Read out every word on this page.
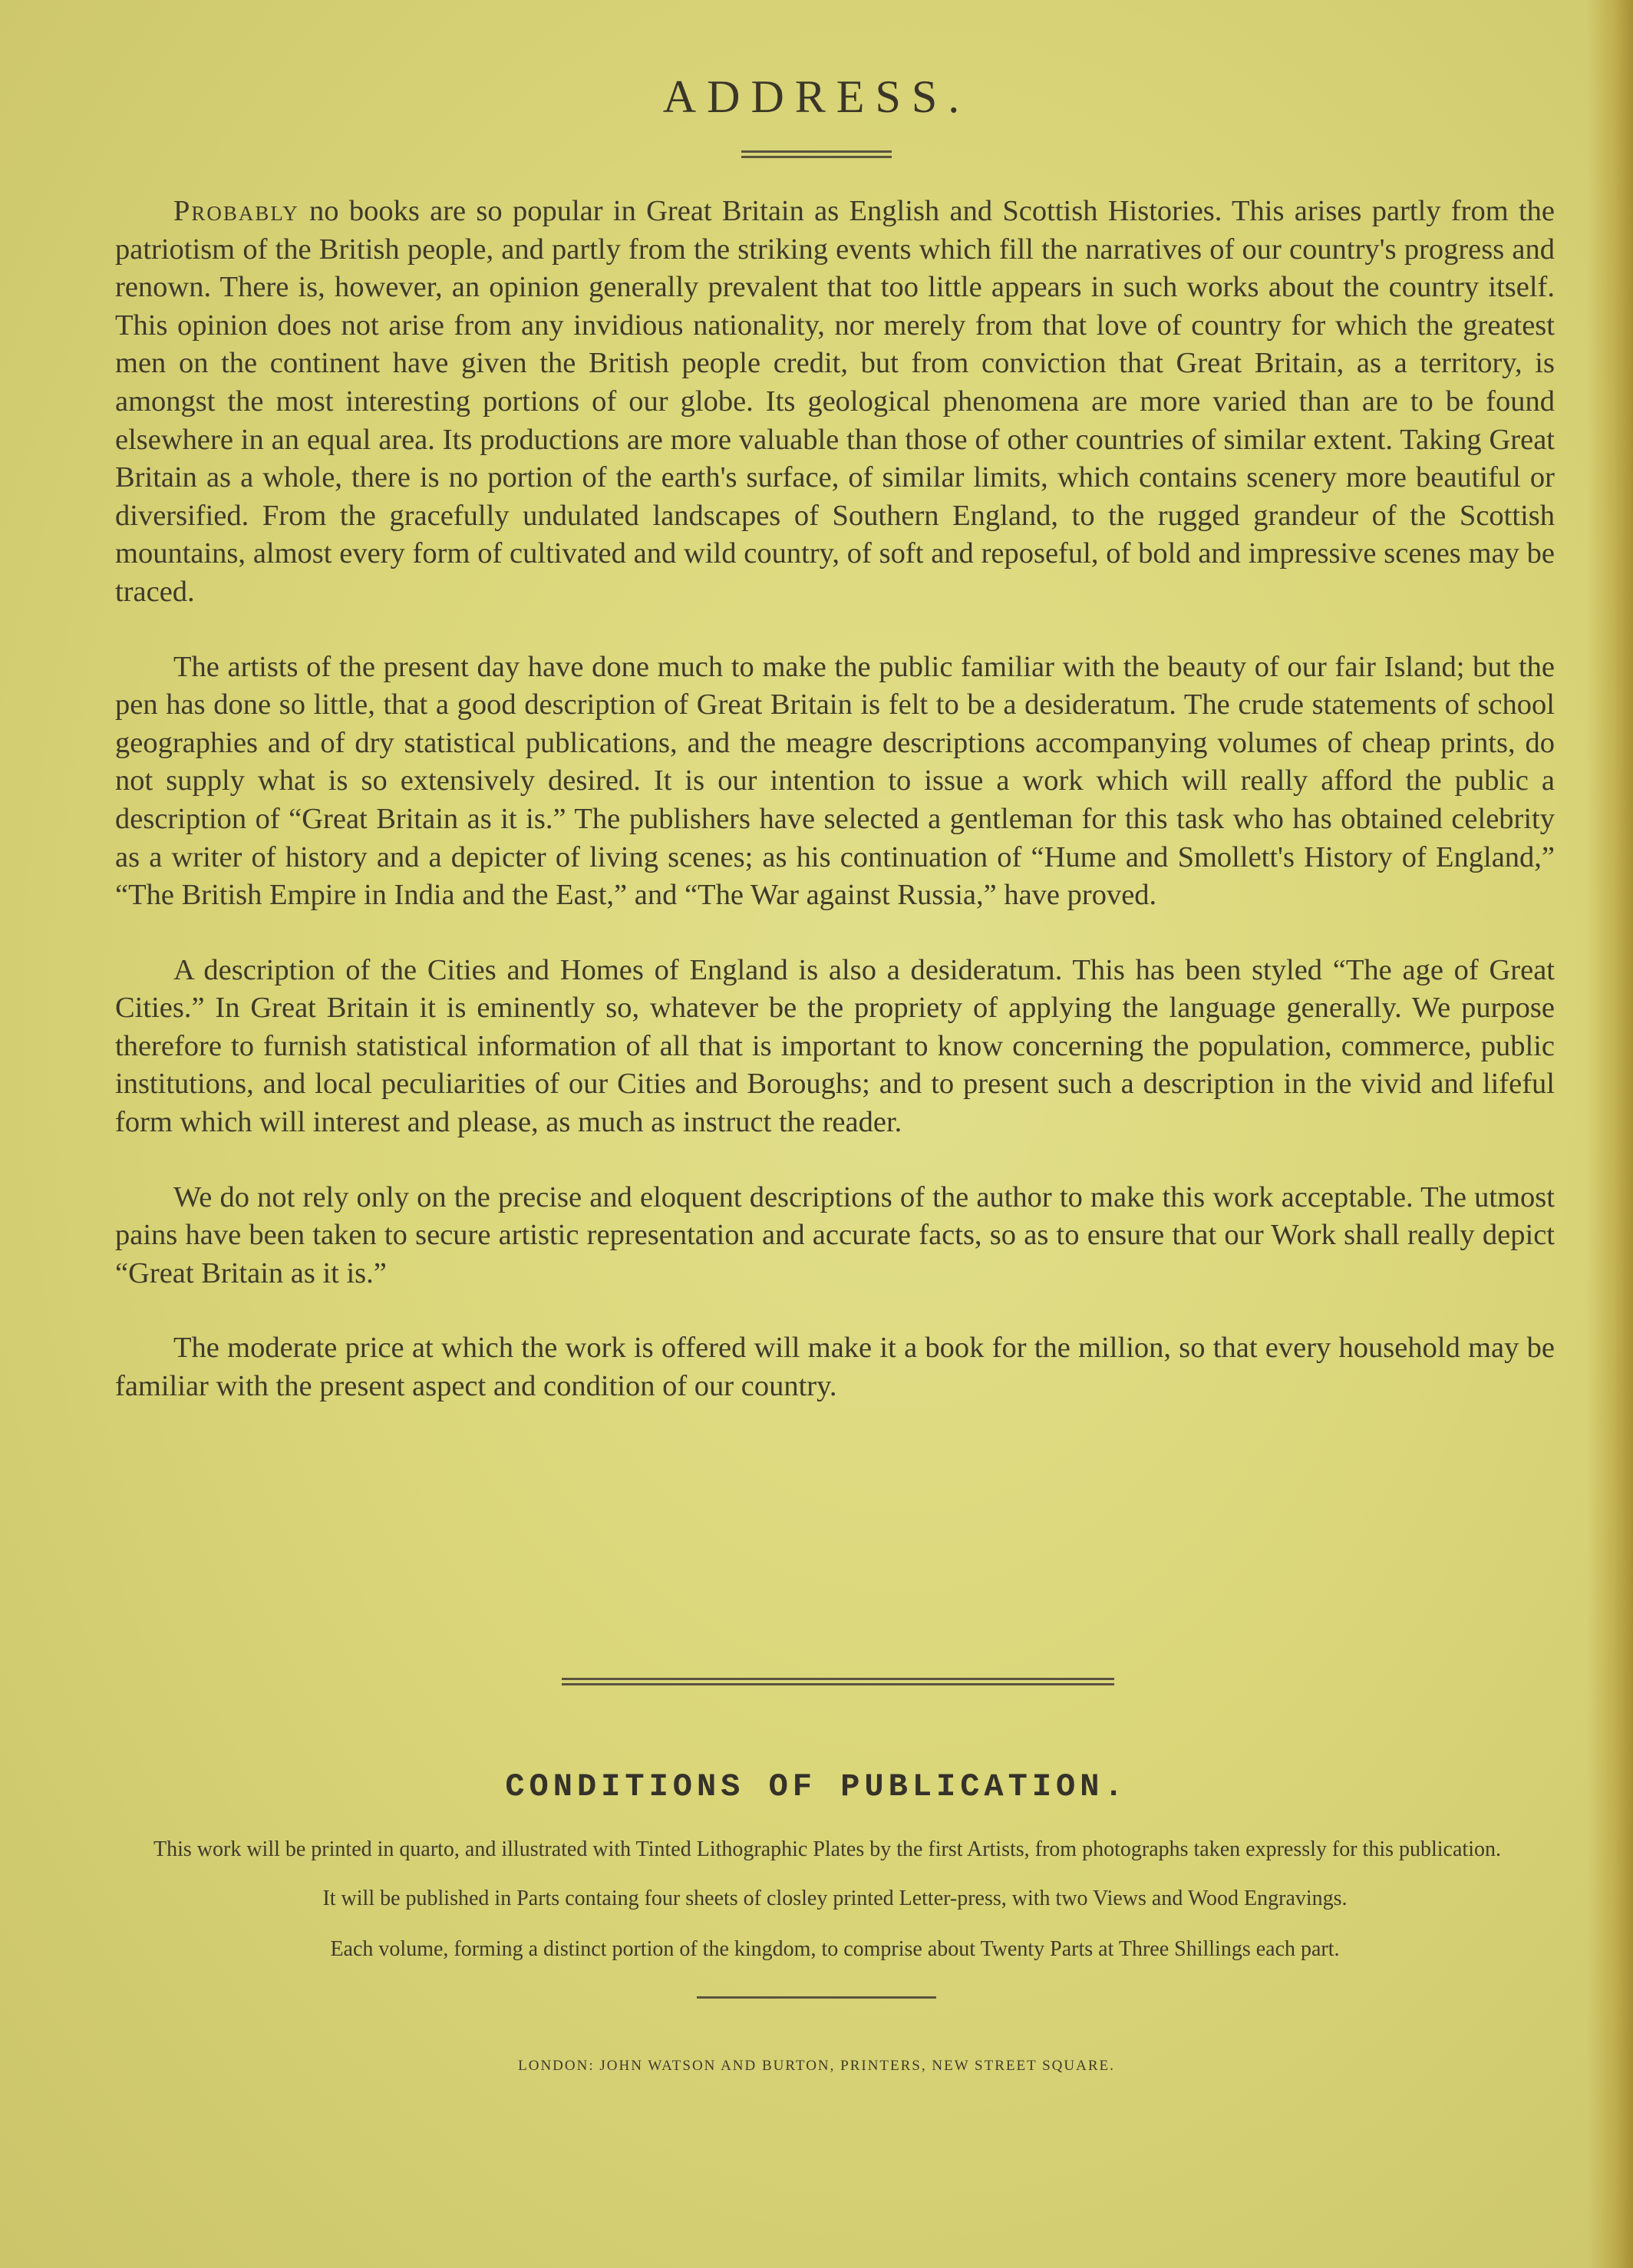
ADDRESS.

Probably no books are so popular in Great Britain as English and Scottish Histories. This arises partly from the patriotism of the British people, and partly from the striking events which fill the narratives of our country's progress and renown. There is, however, an opinion generally prevalent that too little appears in such works about the country itself. This opinion does not arise from any invidious nationality, nor merely from that love of country for which the greatest men on the continent have given the British people credit, but from conviction that Great Britain, as a territory, is amongst the most interesting portions of our globe. Its geological phenomena are more varied than are to be found elsewhere in an equal area. Its productions are more valuable than those of other countries of similar extent. Taking Great Britain as a whole, there is no portion of the earth's surface, of similar limits, which contains scenery more beautiful or diversified. From the gracefully undulated landscapes of Southern England, to the rugged grandeur of the Scottish mountains, almost every form of cultivated and wild country, of soft and reposeful, of bold and impressive scenes may be traced.

The artists of the present day have done much to make the public familiar with the beauty of our fair Island; but the pen has done so little, that a good description of Great Britain is felt to be a desideratum. The crude statements of school geographies and of dry statistical publications, and the meagre descriptions accompanying volumes of cheap prints, do not supply what is so extensively desired. It is our intention to issue a work which will really afford the public a description of “Great Britain as it is.” The publishers have selected a gentleman for this task who has obtained celebrity as a writer of history and a depicter of living scenes; as his continuation of “Hume and Smollett's History of England,” “The British Empire in India and the East,” and “The War against Russia,” have proved.

A description of the Cities and Homes of England is also a desideratum. This has been styled “The age of Great Cities.” In Great Britain it is eminently so, whatever be the propriety of applying the language generally. We purpose therefore to furnish statistical information of all that is important to know concerning the population, commerce, public institutions, and local peculiarities of our Cities and Boroughs; and to present such a description in the vivid and lifeful form which will interest and please, as much as instruct the reader.

We do not rely only on the precise and eloquent descriptions of the author to make this work acceptable. The utmost pains have been taken to secure artistic representation and accurate facts, so as to ensure that our Work shall really depict “Great Britain as it is.”

The moderate price at which the work is offered will make it a book for the million, so that every household may be familiar with the present aspect and condition of our country.

CONDITIONS OF PUBLICATION.

This work will be printed in quarto, and illustrated with Tinted Lithographic Plates by the first Artists, from photographs taken expressly for this publication.

It will be published in Parts containg four sheets of closley printed Letter-press, with two Views and Wood Engravings.

Each volume, forming a distinct portion of the kingdom, to comprise about Twenty Parts at Three Shillings each part.

LONDON: JOHN WATSON AND BURTON, PRINTERS, NEW STREET SQUARE.
